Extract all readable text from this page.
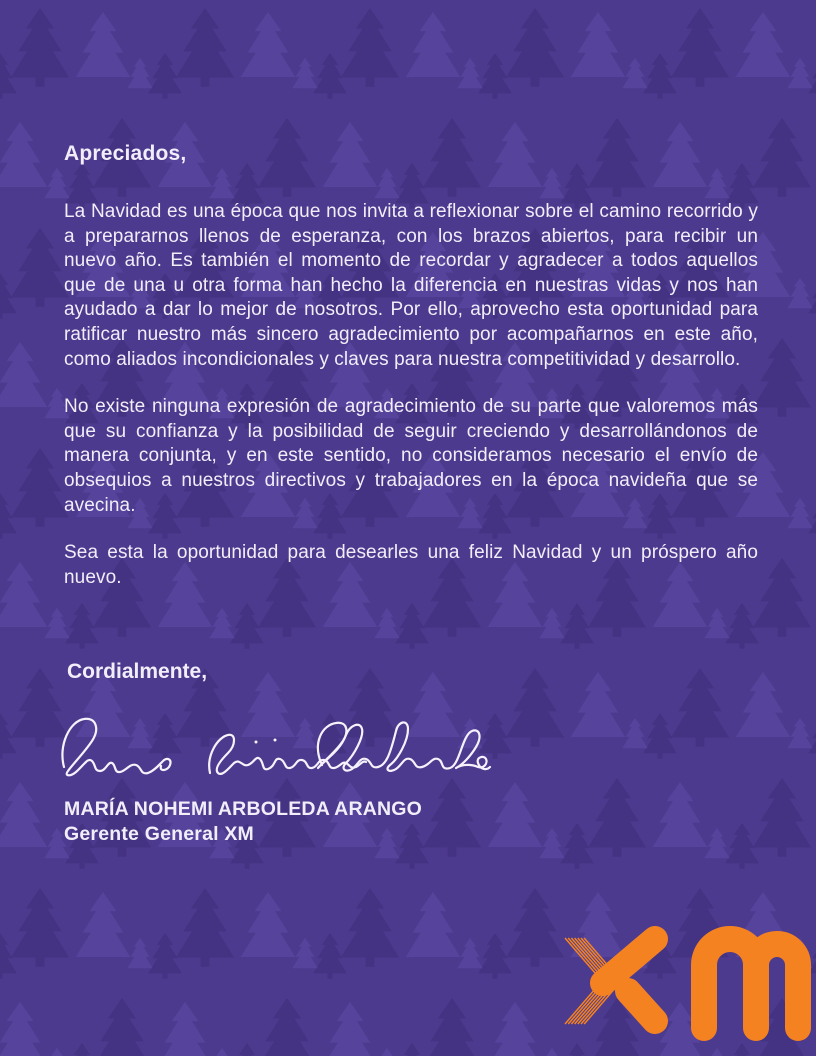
Apreciados,

La Navidad es una época que nos invita a reflexionar sobre el camino recorrido y a prepararnos llenos de esperanza, con los brazos abiertos, para recibir un nuevo año. Es también el momento de recordar y agradecer a todos aquellos que de una u otra forma han hecho la diferencia en nuestras vidas y nos han ayudado a dar lo mejor de nosotros. Por ello, aprovecho esta oportunidad para ratificar nuestro más sincero agradecimiento por acompañarnos en este año, como aliados incondicionales y claves para nuestra competitividad y desarrollo.

No existe ninguna expresión de agradecimiento de su parte que valoremos más que su confianza y la posibilidad de seguir creciendo y desarrollándonos de manera conjunta, y en este sentido, no consideramos necesario el envío de obsequios a nuestros directivos y trabajadores en la época navideña que se avecina.

Sea esta la oportunidad para desearles una feliz Navidad y un próspero año nuevo.

Cordialmente,

MARÍA NOHEMI ARBOLEDA ARANGO

Gerente General XM
